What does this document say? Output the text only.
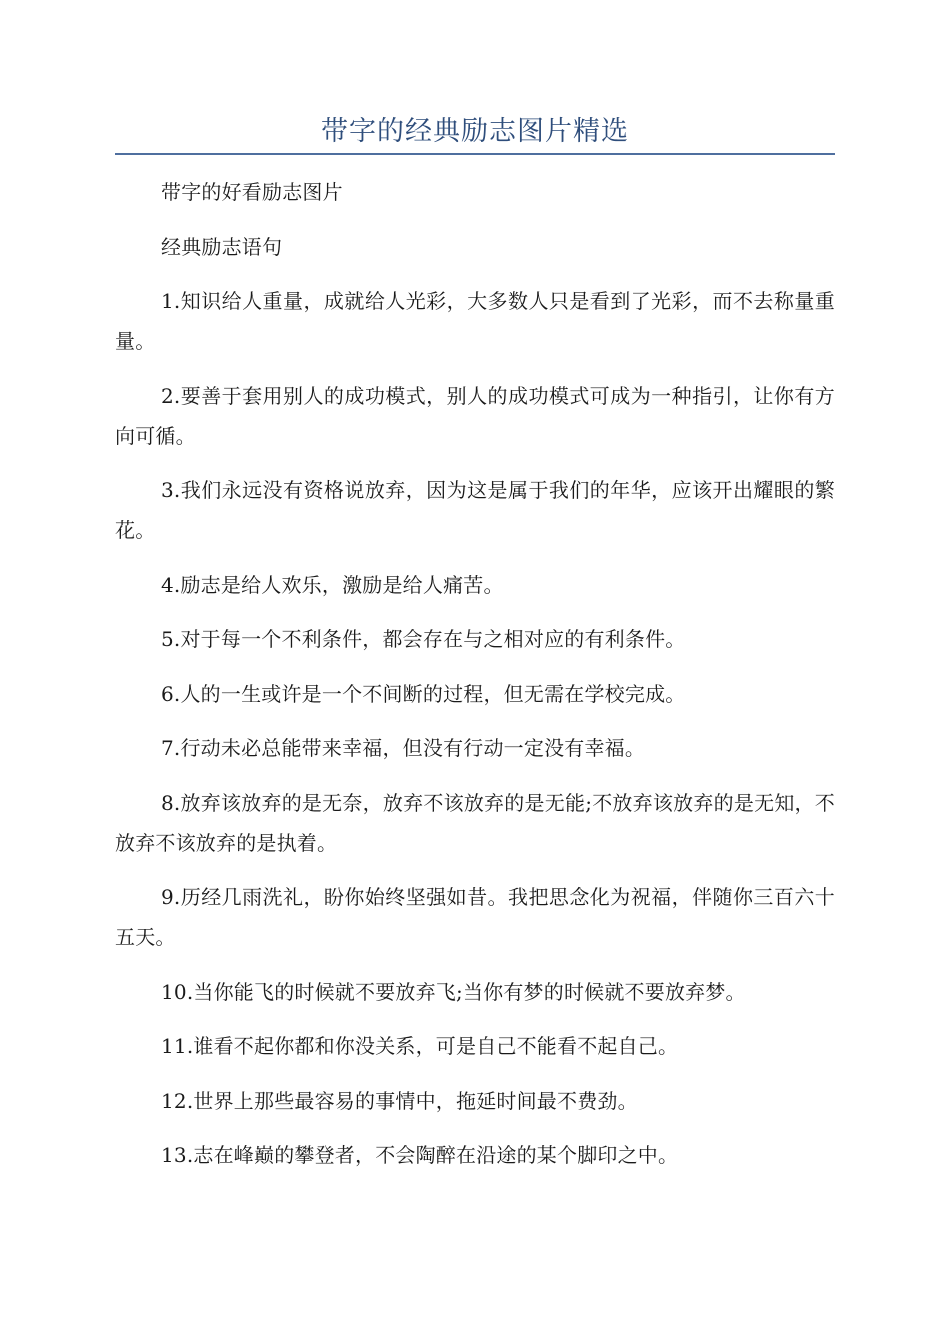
带字的经典励志图片精选

带字的好看励志图片

经典励志语句

1.知识给人重量，成就给人光彩，大多数人只是看到了光彩，而不去称量重量。

2.要善于套用别人的成功模式，别人的成功模式可成为一种指引，让你有方向可循。

3.我们永远没有资格说放弃，因为这是属于我们的年华，应该开出耀眼的繁花。

4.励志是给人欢乐，激励是给人痛苦。

5.对于每一个不利条件，都会存在与之相对应的有利条件。

6.人的一生或许是一个不间断的过程，但无需在学校完成。

7.行动未必总能带来幸福，但没有行动一定没有幸福。

8.放弃该放弃的是无奈，放弃不该放弃的是无能;不放弃该放弃的是无知，不放弃不该放弃的是执着。

9.历经几雨洗礼，盼你始终坚强如昔。我把思念化为祝福，伴随你三百六十五天。

10.当你能飞的时候就不要放弃飞;当你有梦的时候就不要放弃梦。

11.谁看不起你都和你没关系，可是自己不能看不起自己。

12.世界上那些最容易的事情中，拖延时间最不费劲。

13.志在峰巅的攀登者，不会陶醉在沿途的某个脚印之中。
